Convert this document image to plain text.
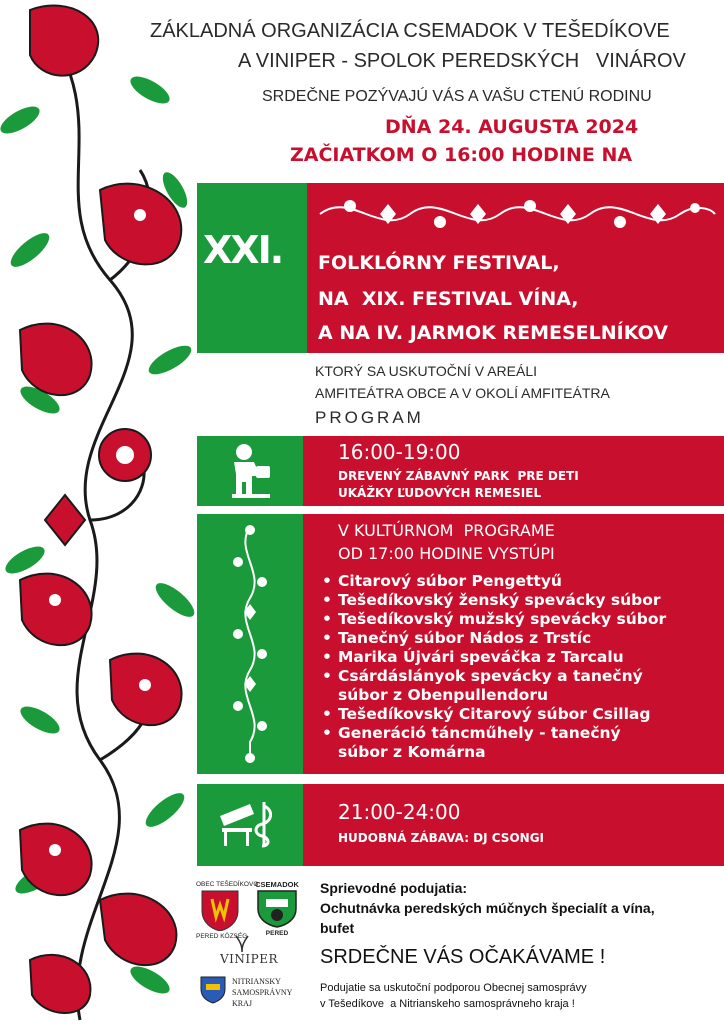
ZÁKLADNÁ ORGANIZÁCIA CSEMADOK V TEŠEDÍKOVE
A VINIPER - SPOLOK PEREDSKÝCH   VINÁROV
SRDEČNE POZÝVAJÚ VÁS A VAŠU CTENÚ RODINU
DŇA 24. AUGUSTA 2024
ZAČIATKOM O 16:00 HODINE NA
XXI. FOLKLÓRNY FESTIVAL,
NA  XIX. FESTIVAL VÍNA,
A NA IV. JARMOK REMESELNÍKOV
KTORÝ SA USKUTOČNÍ V AREÁLI
AMFITEÁTRA OBCE A V OKOLÍ AMFITEÁTRA
PROGRAM
16:00-19:00
DREVENÝ ZÁBAVNÝ PARK  PRE DETI
UKÁŽKY ĽUDOVÝCH REMESIEL
V KULTÚRNOM  PROGRAME
OD 17:00 HODINE VYSTÚPI
• Citarový súbor Pengettyű
• Tešedíkovský ženský spevácky súbor
• Tešedíkovský mužský spevácky súbor
• Tanečný súbor Nádos z Trstíc
• Marika Újvári speváčka z Tarcalu
• Csárdáslányok spevácky a tanečný
súbor z Obenpullendoru
• Tešedíkovský Citarový súbor Csillag
• Generáció táncműhely - tanečný
súbor z Komárna
21:00-24:00
HUDOBNÁ ZÁBAVA: DJ CSONGI
OBEC TEŠEDÍKOVO
PERED KÖZSÉG
CSEMADOK
PERED
VINIPER
NITRIANSKY
SAMOSPRÁVNY
KRAJ
Sprievodné podujatia:
Ochutnávka peredských múčnych špecialít a vína,
bufet
SRDEČNE VÁS OČAKÁVAME !
Podujatie sa uskutoční podporou Obecnej samosprávy
v Tešedíkove  a Nitrianskeho samosprávneho kraja !
